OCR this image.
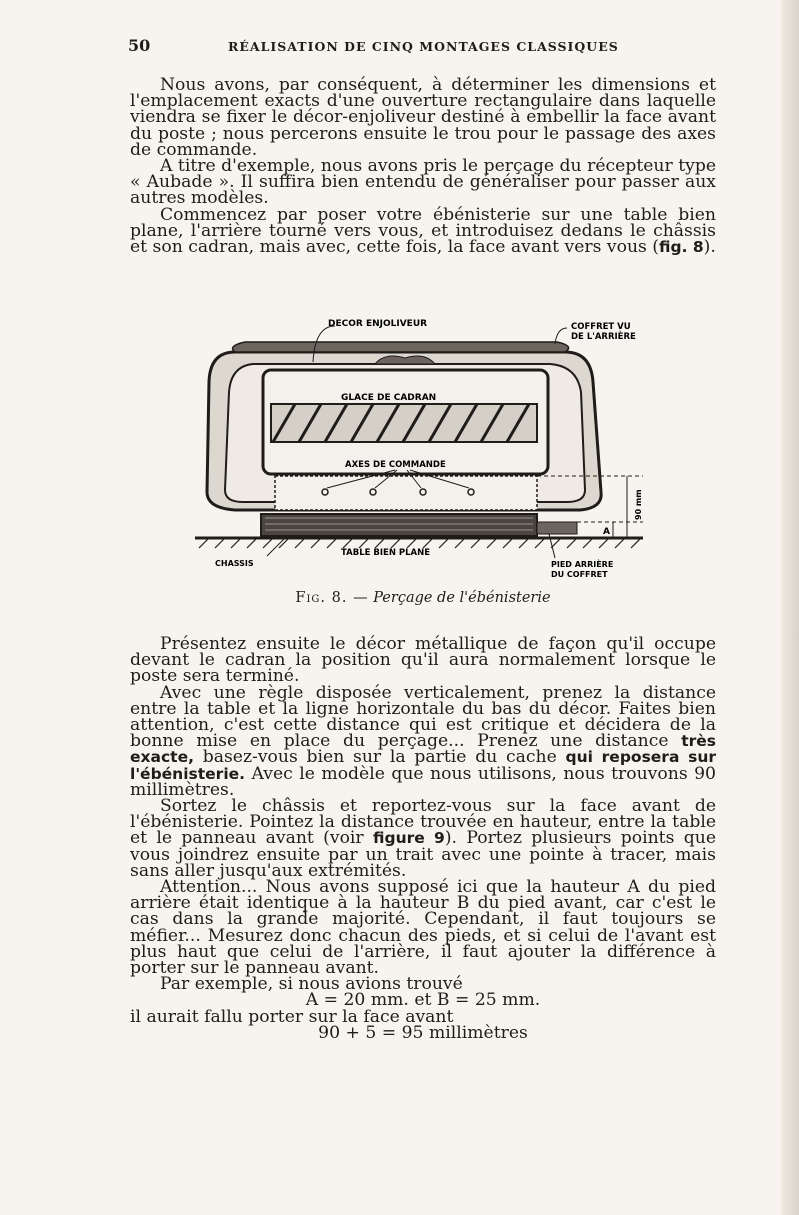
50	RÉALISATION DE CINQ MONTAGES CLASSIQUES

Nous avons, par conséquent, à déterminer les dimensions et l'emplacement exacts d'une ouverture rectangulaire dans laquelle viendra se fixer le décor-enjoliveur destiné à embellir la face avant du poste ; nous percerons ensuite le trou pour le passage des axes de commande.

A titre d'exemple, nous avons pris le perçage du récepteur type « Aubade ». Il suffira bien entendu de généraliser pour passer aux autres modèles.

Commencez par poser votre ébénisterie sur une table bien plane, l'arrière tourné vers vous, et introduisez dedans le châssis et son cadran, mais avec, cette fois, la face avant vers vous (fig. 8).

DECOR ENJOLIVEUR	COFFRET VU
DE L'ARRIÈRE
GLACE DE CADRAN
AXES DE COMMANDE
90 mm
A
TABLE BIEN PLANE
CHASSIS	PIED ARRIÈRE
DU COFFRET
Fig. 8. — Perçage de l'ébénisterie

Présentez ensuite le décor métallique de façon qu'il occupe devant le cadran la position qu'il aura normalement lorsque le poste sera terminé.

Avec une règle disposée verticalement, prenez la distance entre la table et la ligne horizontale du bas du décor. Faites bien attention, c'est cette distance qui est critique et décidera de la bonne mise en place du perçage... Prenez une distance très exacte, basez-vous bien sur la partie du cache qui reposera sur l'ébénisterie. Avec le modèle que nous utilisons, nous trouvons 90 millimètres.

Sortez le châssis et reportez-vous sur la face avant de l'ébénisterie. Pointez la distance trouvée en hauteur, entre la table et le panneau avant (voir figure 9). Portez plusieurs points que vous joindrez ensuite par un trait avec une pointe à tracer, mais sans aller jusqu'aux extrémités.

Attention... Nous avons supposé ici que la hauteur A du pied arrière était identique à la hauteur B du pied avant, car c'est le cas dans la grande majorité. Cependant, il faut toujours se méfier... Mesurez donc chacun des pieds, et si celui de l'avant est plus haut que celui de l'arrière, il faut ajouter la différence à porter sur le panneau avant.

Par exemple, si nous avions trouvé

A = 20 mm. et B = 25 mm.

il aurait fallu porter sur la face avant

90 + 5 = 95 millimètres
